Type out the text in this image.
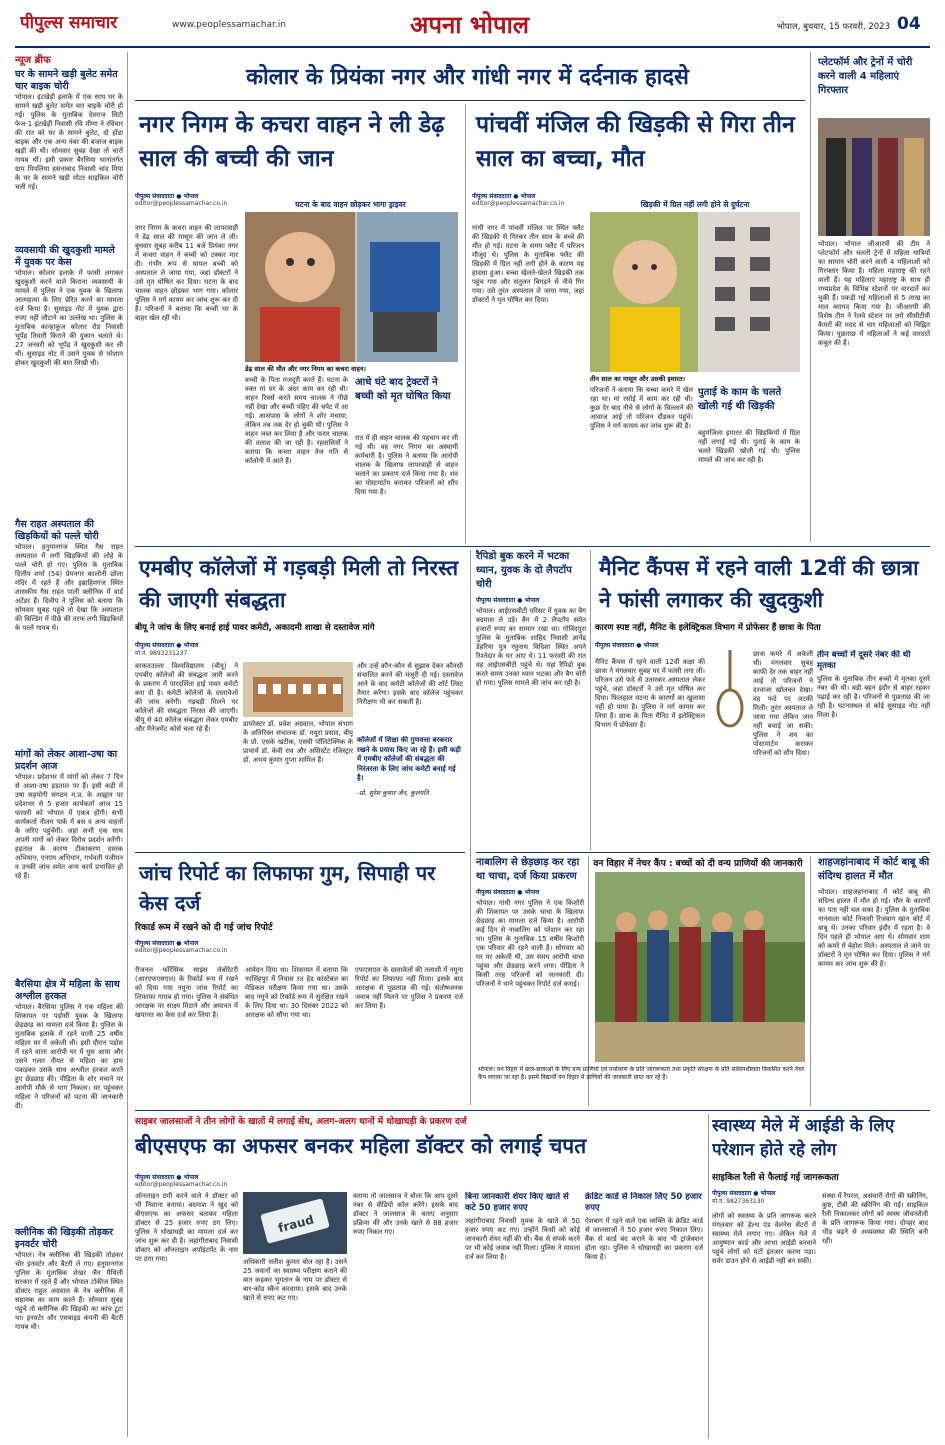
पीपुल्स समाचार	www.peoplessamachar.in	अपना भोपाल	भोपाल, बुधवार, 15 फरवरी, 2023 04
न्यूज ब्रीफ
घर के सामने खड़ी बुलेट समेत चार बाइक चोरी
भोपाल। इंटखेड़ी इलाके में एक साथ घर के सामने खड़ी बुलेट समेत चार बाइकें चोरी हो गईं। पुलिस के मुताबिक देवराज सिटी फेज-1 इंटखेड़ी निवासी रवि मीणा ने रविवार की रात को घर के सामने बुलेट, दो होंडा बाइक और एक अन्य नंबर की बजाज बाइक खड़ी की थी। सोमवार सुबह देखा तो चारों गायब थीं। इसी प्रकार बैरसिया थानांतर्गत ग्राम पिपलिया हसनाबाद निवासी चांद मियां के घर के सामने खड़ी मोटर साइकिल चोरी चली गई।
व्यवसायी की खुदकुशी मामले में युवक पर केस
भोपाल। कोलार इलाके में फांसी लगाकर खुदकुशी करने वाले किराना व्यवसायी के मामले में पुलिस ने एक युवक के खिलाफ आत्महत्या के लिए प्रेरित करने का मामला दर्ज किया है। सुसाइड नोट में युवक द्वारा रुपए नहीं लौटाने का उल्लेख था। पुलिस के मुताबिक कान्हाकुंज कोलार रोड निवासी भूपेंद्र तिवारी किराने की दुकान चलाते थे। 27 जनवरी को भूपेंद्र ने खुदकुशी कर ली थी। सुसाइड नोट में उसने युवक से परेशान होकर खुदकुशी की बात लिखी थी।
गैस राहत अस्पताल की खिड़कियों को पल्ले चोरी
भोपाल। हनुमानगंज स्थित गैस राहत अस्पताल में लगी खिड़कियों की लोहे के पल्ले चोरी हो गए। पुलिस के मुताबिक दिलीप शर्मा (54) प्रेमनगर कालोनी छोला मंदिर में रहते हैं और इब्राहिमगंज स्थित शासकीय गैस राहत पाली क्लीनिक में वार्ड अटेंडर हैं। दिलीप ने पुलिस को बताया कि सोमवार सुबह पहुंचे तो देखा कि अस्पताल की बिल्डिंग में पीछे की तरफ लगी खिड़कियों के पल्ले गायब थे।
मांगों को लेकर आशा-उषा का प्रदर्शन आज
भोपाल। प्रदेशभर में मांगों को लेकर 7 दिन से आशा-उषा हड़ताल पर हैं। इसी कड़ी में उषा सहयोगी संगठन म.प्र. के आह्वान पर प्रदेशभर से 5 हजार कार्यकर्ता आज 15 फरवरी को भोपाल में एकत्र होंगी। सभी कार्यकर्ता नीलम पार्क में बस व अन्य वाहनों के जरिए पहुंचेंगी। जहां सभी एक साथ अपनी मांगों को लेकर विरोध प्रदर्शन करेंगी। हड़ताल के कारण टीकाकरण दस्तक अभियान, एनएम अभियान, गर्भवती पंजीयन व उनकी जांच समेत अन्य कार्य प्रभावित हो रहे हैं।
बैरसिया क्षेत्र में महिला के साथ अश्लील हरकत
भोपाल। बैरसिया पुलिस ने एक महिला की शिकायत पर पड़ोसी युवक के खिलाफ छेड़छाड़ का मामला दर्ज किया है। पुलिस के मुताबिक इलाके में रहने वाली 25 वर्षीय महिला घर में अकेली थी। इसी दौरान पड़ोस में रहने वाला आरोपी घर में घुस आया और उसने गलत नीयत से महिला का हाथ पकड़कर उसके साथ अश्लील हरकत करते हुए छेड़छाड़ की। पीड़िता के शोर मचाने पर आरोपी मौके से भाग निकला। घर पहुंचकर महिला ने परिजनों को घटना की जानकारी दी।
क्लीनिक की खिड़की तोड़कर इनवर्टर चोरी
भोपाल। नेत्र क्लीनिक की खिड़की तोड़कर चोर इनवर्टर और बैटरी ले गए। हनुमानगंज पुलिस के मुताबिक शेखर जैन मैथिली सरकार में रहते हैं और भोपाल टॉकीज स्थित डॉक्टर राहुल अग्रवाल के नेत्र क्लीनिक में सहायक का काम करते हैं। सोमवार सुबह पहुंचे तो क्लीनिक की खिड़की का कांच टूटा था। इनवर्टर और एसबाइड कंपनी की बैटरी गायब थी।
कोलार के प्रियंका नगर और गांधी नगर में दर्दनाक हादसे
नगर निगम के कचरा वाहन ने ली डेढ़ साल की बच्ची की जान
पीपुल्स संवाददाता ● भोपाल
editor@peoplessamachar.co.in
नगर निगम के कचरा वाहन की लापरवाही ने डेढ़ साल की मासूम की जान ले ली। बुधवार सुबह करीब 11 बजे प्रियंका नगर में कचरा वाहन ने बच्ची को टक्कर मार दी। गंभीर रूप से घायल बच्ची को अस्पताल ले जाया गया, जहां डॉक्टरों ने उसे मृत घोषित कर दिया। घटना के बाद चालक वाहन छोड़कर भाग गया। कोलार पुलिस ने मर्ग कायम कर जांच शुरू कर दी है। परिजनों ने बताया कि बच्ची घर के बाहर खेल रही थी।
घटना के बाद वाहन छोड़कर भागा ड्राइवर
डेढ़ साल की मौत और नगर निगम का कचरा वाहन।
बच्ची के पिता मजदूरी करते हैं। घटना के वक्त मां घर के अंदर काम कर रही थी। वाहन रिवर्स करते समय चालक ने पीछे नहीं देखा और बच्ची पहिए की चपेट में आ गई। आसपास के लोगों ने शोर मचाया, लेकिन तब तक देर हो चुकी थी। पुलिस ने वाहन जब्त कर लिया है और फरार चालक की तलाश की जा रही है। रहवासियों ने बताया कि कचरा वाहन तेज गति से कॉलोनी में आते हैं।
आधे घंटे बाद ट्रेक्टरों ने बच्ची को मृत घोषित किया
रात में ही वाहन चालक की पहचान कर ली गई थी। वह नगर निगम का अस्थायी कर्मचारी है। पुलिस ने बताया कि आरोपी चालक के खिलाफ लापरवाही से वाहन चलाने का प्रकरण दर्ज किया गया है। शव का पोस्टमार्टम कराकर परिजनों को सौंप दिया गया है।
पांचवीं मंजिल की खिड़की से गिरा तीन साल का बच्चा, मौत
पीपुल्स संवाददाता ● भोपाल
editor@peoplessamachar.co.in
गांधी नगर में पांचवीं मंजिल पर स्थित फ्लैट की खिड़की से गिरकर तीन साल के बच्चे की मौत हो गई। घटना के समय फ्लैट में परिजन मौजूद थे। पुलिस के मुताबिक फ्लैट की खिड़की में ग्रिल नहीं लगी होने के कारण यह हादसा हुआ। बच्चा खेलते-खेलते खिड़की तक पहुंच गया और संतुलन बिगड़ने से नीचे गिर गया। उसे तुरंत अस्पताल ले जाया गया, जहां डॉक्टरों ने मृत घोषित कर दिया।
खिड़की में ग्रिल नहीं लगी होने से दुर्घटना
तीन साल का मासूम और उसकी इमारत।
परिजनों ने बताया कि बच्चा कमरे में खेल रहा था। मां रसोई में काम कर रही थी। कुछ देर बाद नीचे से लोगों के चिल्लाने की आवाज आई तो परिजन दौड़कर पहुंचे। पुलिस ने मर्ग कायम कर जांच शुरू की है।
पुताई के काम के चलते खोली गई थी खिड़की
बहुमंजिला इमारत की खिड़कियों में ग्रिल नहीं लगाई गई थी। पुताई के काम के चलते खिड़की खोली गई थी। पुलिस मामले की जांच कर रही है।
प्लेटफॉर्म और ट्रेनों में चोरी करने वाली 4 महिलाएं गिरफ्तार
भोपाल। भोपाल जीआरपी की टीम ने प्लेटफॉर्म और चलती ट्रेनों में महिला यात्रियों का सामान चोरी करने वाली 4 महिलाओं को गिरफ्तार किया है। महिला महाराष्ट्र की रहने वाली हैं। यह महिलाएं महाराष्ट्र के साथ ही मध्यप्रदेश के विभिन्न स्टेशनों पर वारदातें कर चुकी हैं। पकड़ी गई महिलाओं से 5 लाख का माल बरामद किया गया है। जीआरपी की विशेष टीम ने रेलवे स्टेशन पर लगे सीसीटीवी कैमरों की मदद से चार महिलाओं को चिह्नित किया। पूछताछ में महिलाओं ने कई वारदातें कबूल की हैं।
एमबीए कॉलेजों में गड़बड़ी मिली तो निरस्त की जाएगी संबद्धता
बीयू ने जांच के लिए बनाई हाई पावर कमेटी, अकादमी शाखा से दस्तावेज मांगे
पीपुल्स संवाददाता ● भोपाल
मो.नं. 9893231237
बरकतउल्ला विश्वविद्यालय (बीयू) ने एमबीए कॉलेजों की संबद्धता जारी करने के प्रकरण में पारदर्शिता हाई पावर कमेटी बना दी है। कमेटी कॉलेजों के दस्तावेजों की जांच करेगी। गड़बड़ी मिलने पर कॉलेजों की संबद्धता निरस्त की जाएगी। बीयू से 40 कॉलेज संबद्धता लेकर एमबीए और मैनेजमेंट कोर्स चला रहे हैं।
डायरेक्टर डॉ. प्रवेश अग्रवाल, भोपाल संभाग के अतिरिक्त संचालक डॉ. मथुरा प्रसाद, बीयू के प्रो. एसके खटीक, एसवी पॉलिटेक्निक के प्राचार्य डॉ. केवी राव और असिस्टेंट रजिस्ट्रार डॉ. अभय कुमार गुप्ता शामिल हैं।
और उन्हें कौन-कौन से सुझाव देकर कौनसी संचालित करने की मंजूरी दी गई। दस्तावेज आने के बाद कमेटी कॉलेजों की शॉर्ट लिस्ट तैयार करेगा। इसके बाद कॉलेज पहुंचकर निरीक्षण भी कर सकती है।
कॉलेजों में शिक्षा की गुणवत्ता बरकरार रखने के प्रयास किए जा रहे हैं। इसी कड़ी में एमबीए कॉलेजों की संबद्धता की निरंतरता के लिए जांच कमेटी बनाई गई है।
-प्रो. सुरेश कुमार जैन, कुलपति
रैपिडो बुक करने में भटका ध्यान, युवक के दो लैपटॉप चोरी
पीपुल्स संवाददाता ● भोपाल
भोपाल। आईएसबीटी परिसर में युवक का बैग बदमाश ले उड़े। बैग में 2 लैपटॉप समेत हजारों रुपए का सामान रखा था। गोविंदपुरा पुलिस के मुताबिक शाहिद निवासी ज्ञानेंद्र डेहरिया पुत्र रघुनाथ विदिशा स्थित अपने रिश्तेदार के घर आए थे। 11 फरवरी की रात वह आईएसबीटी पहुंचे थे। यहां रैपिडो बुक करते समय उनका ध्यान भटका और बैग चोरी हो गया। पुलिस मामले की जांच कर रही है।
मैनिट कैंपस में रहने वाली 12वीं की छात्रा ने फांसी लगाकर की खुदकुशी
कारण स्पष्ट नहीं, मैनिट के इलेक्ट्रिकल विभाग में प्रोफेसर हैं छात्रा के पिता
पीपुल्स संवाददाता ● भोपाल
मैनिट कैंपस में रहने वाली 12वीं कक्षा की छात्रा ने मंगलवार सुबह घर में फांसी लगा ली। परिजन उसे फंदे से उतारकर अस्पताल लेकर पहुंचे, जहां डॉक्टरों ने उसे मृत घोषित कर दिया। फिलहाल घटना के कारणों का खुलासा नहीं हो पाया है। पुलिस ने मर्ग कायम कर लिया है। छात्रा के पिता मैनिट में इलेक्ट्रिकल विभाग में प्रोफेसर हैं।
छात्रा कमरे में अकेली थी। मंगलवार सुबह काफी देर तक बाहर नहीं आई तो परिजनों ने दरवाजा खोलकर देखा। वह फंदे पर लटकी मिली। तुरंत अस्पताल ले जाया गया लेकिन जान नहीं बचाई जा सकी। पुलिस ने शव का पोस्टमार्टम कराकर परिजनों को सौंप दिया।
तीन बच्चों में दूसरे नंबर की थी मृतका
पुलिस के मुताबिक तीन बच्चों में मृतका दूसरे नंबर की थी। बड़ी बहन इंदौर से बाहर रहकर पढ़ाई कर रही है। परिजनों से पूछताछ की जा रही है। घटनास्थल से कोई सुसाइड नोट नहीं मिला है।
जांच रिपोर्ट का लिफाफा गुम, सिपाही पर केस दर्ज
रिकार्ड रूम में रखने को दी गई जांच रिपोर्ट
पीपुल्स संवाददाता ● भोपाल
editor@peoplessamachar.co.in
रीजनल फॉरेंसिक साइंस लेबोरेटरी (आरएफएसएल) के रिकॉर्ड रूम में रखने को दिया गया नमूना जांच रिपोर्ट का लिफाफा गायब हो गया। पुलिस ने संबंधित आरक्षक पर साक्ष्य मिटाने और अमानत में खयानत का केस दर्ज कर लिया है।
आवेदन दिया था। शिकायत में बताया कि नरसिंहपुर में निवास रत हेड कांस्टेबल का मेडिकल परीक्षण किया गया था। उसके बाद नमूने को रिकॉर्ड रूम में सुरक्षित रखने के लिए दिया था। 30 दिसंबर 2022 को आरक्षक को सौंपा गया था।
एफएसएल के दस्तावेजों की तलाशी में नमूना रिपोर्ट का लिफाफा नहीं मिला। इसके बाद आरक्षक से पूछताछ की गई। संतोषजनक जवाब नहीं मिलने पर पुलिस ने प्रकरण दर्ज कर लिया है।
नाबालिग से छेड़छाड़ कर रहा था चाचा, दर्ज किया प्रकरण
पीपुल्स संवाददाता ● भोपाल
भोपाल। गांधी नगर पुलिस ने एक किशोरी की शिकायत पर उसके चाचा के खिलाफ छेड़छाड़ का मामला दर्ज किया है। आरोपी कई दिन से नाबालिग को परेशान कर रहा था। पुलिस के मुताबिक 15 वर्षीय किशोरी एक परिवार की रहने वाली है। सोमवार को घर पर अकेली थी, उस समय आरोपी चाचा पहुंचा और छेड़छाड़ करने लगा। पीड़िता ने किसी तरह परिजनों को जानकारी दी। परिजनों ने थाने पहुंचकर रिपोर्ट दर्ज कराई।
वन विहार में नेचर कैंप : बच्चों को दी वन्य प्राणियों की जानकारी
भोपाल। वन विहार में छात्र-छात्राओं के लिए वन्य प्राणियों एवं पर्यावरण के प्रति जागरूकता तथा प्रकृति संरक्षण के प्रति संवेदनशीलता विकसित करने नेचर कैंप लगाया जा रहा है। इसमें विद्यार्थी वन विहार में प्राणियों की जानकारी प्राप्त कर रहे हैं।
शाहजहांनाबाद में कोर्ट बाबू की संदिग्ध हालत में मौत
भोपाल। शाहजहांनाबाद में कोर्ट बाबू की संदिग्ध हालत में मौत हो गई। मौत के कारणों का पता नहीं चल सका है। पुलिस के मुताबिक नानवाला कोर्ट निवासी रिजवान खान कोर्ट में बाबू थे। उनका परिवार इंदौर में रहता है। वे दिन पहले ही भोपाल आए थे। सोमवार शाम को कमरे में बेहोश मिले। अस्पताल ले जाने पर डॉक्टरों ने मृत घोषित कर दिया। पुलिस ने मर्ग कायम कर जांच शुरू की है।
साइबर जालसाजों ने तीन लोगों के खातों में लगाई सेंध, अलग-अलग थानों में धोखाधड़ी के प्रकरण दर्ज
बीएसएफ का अफसर बनकर महिला डॉक्टर को लगाई चपत
पीपुल्स संवाददाता ● भोपाल
editor@peoplessamachar.co.in
ऑनलाइन ठगी करने वाले ने डॉक्टर को भी निशाना बनाया। बदमाश ने खुद को बीएसएफ का अफसर बताकर महिला डॉक्टर से 25 हजार रुपए ठग लिए। पुलिस ने धोखाधड़ी का मामला दर्ज कर जांच शुरू कर दी है। जहांगीराबाद निवासी डॉक्टर को ऑनलाइन अपॉइंटमेंट के नाम पर ठगा गया।
fraud
अधिकारी सतीश कुमार बोल रहा है। उसने 25 जवानों का स्वास्थ्य परीक्षण कराने की बात कहकर भुगतान के नाम पर डॉक्टर से बार-कोड स्कैन करवाया। इसके बाद उनके खाते से रुपए कट गए।
बताया तो जालसाज ने बोला कि आप दूसरे नंबर से वीडियो कॉल करेंगे। इसके बाद डॉक्टर ने जालसाज के बताए अनुसार प्रक्रिया की और उनके खाते से 88 हजार रुपए निकल गए।
बिना जानकारी शेयर किए खाते से कटे 50 हजार रुपए
जहांगीराबाद निवासी युवक के खाते से 50 हजार रुपए कट गए। उन्होंने किसी को कोई जानकारी शेयर नहीं की थी। बैंक से संपर्क करने पर भी कोई जवाब नहीं मिला। पुलिस ने मामला दर्ज कर लिया है।
क्रेडिट कार्ड से निकाल लिए 50 हजार रुपए
ऐशबाग में रहने वाले एक व्यक्ति के क्रेडिट कार्ड से जालसाजों ने 50 हजार रुपए निकाल लिए। बैंक से कार्ड बंद कराने के बाद भी ट्रांजेक्शन होता रहा। पुलिस ने धोखाधड़ी का प्रकरण दर्ज किया है।
स्वास्थ्य मेले में आईडी के लिए परेशान होते रहे लोग
साइकिल रैली से फैलाई गई जागरूकता
पीपुल्स संवाददाता ● भोपाल
मो.नं. 9827363130
लोगों को स्वास्थ्य के प्रति जागरूक करने मंगलवार को हेल्थ एंड वेलनेस सेंटरों में स्वास्थ्य मेले लगाए गए। लेकिन मेले में आयुष्मान कार्ड और आभा आईडी बनवाने पहुंचे लोगों को घंटों इंतजार करना पड़ा। सर्वर डाउन होने से आईडी नहीं बन सकीं।
संस्था में रैपरल, असंचारी रोगों की स्क्रीनिंग, कुष्ठ, टीबी की स्क्रीनिंग की गई। साइकिल रैली निकालकर लोगों को स्वस्थ जीवनशैली के प्रति जागरूक किया गया। दोपहर बाद भीड़ बढ़ने से अव्यवस्था की स्थिति बनी रही।
